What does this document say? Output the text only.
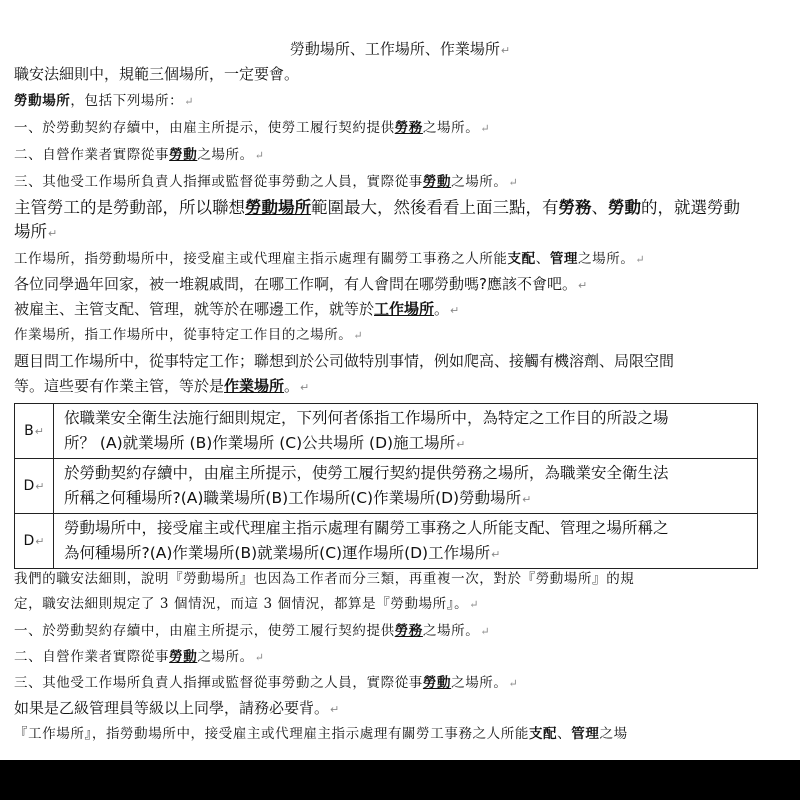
勞動場所、工作場所、作業場所↵
職安法細則中，規範三個場所，一定要會。
勞動場所，包括下列場所：↵
一、於勞動契約存續中，由雇主所提示，使勞工履行契約提供勞務之場所。↵
二、自營作業者實際從事勞動之場所。↵
三、其他受工作場所負責人指揮或監督從事勞動之人員，實際從事勞動之場所。↵
主管勞工的是勞動部，所以聯想勞動場所範圍最大，然後看看上面三點，有勞務、勞動的，就選勞動
場所↵
工作場所，指勞動場所中，接受雇主或代理雇主指示處理有關勞工事務之人所能支配、管理之場所。↵
各位同學過年回家，被一堆親戚問，在哪工作啊，有人會問在哪勞動嗎?應該不會吧。↵
被雇主、主管支配、管理，就等於在哪邊工作，就等於工作場所。↵
作業場所，指工作場所中，從事特定工作目的之場所。↵
題目問工作場所中，從事特定工作；聯想到於公司做特別事情，例如爬高、接觸有機溶劑、局限空間
等。這些要有作業主管，等於是作業場所。↵
B↵	依職業安全衛生法施行細則規定，下列何者係指工作場所中，為特定之工作目的所設之場
所？ (A)就業場所 (B)作業場所 (C)公共場所 (D)施工場所↵

D↵	於勞動契約存續中，由雇主所提示，使勞工履行契約提供勞務之場所，為職業安全衛生法
所稱之何種場所?(A)職業場所(B)工作場所(C)作業場所(D)勞動場所↵

D↵	勞動場所中，接受雇主或代理雇主指示處理有關勞工事務之人所能支配、管理之場所稱之
為何種場所?(A)作業場所(B)就業場所(C)運作場所(D)工作場所↵
我們的職安法細則，說明『勞動場所』也因為工作者而分三類，再重複一次，對於『勞動場所』的規
定，職安法細則規定了 3 個情況，而這 3 個情況，都算是『勞動場所』。↵
一、於勞動契約存續中，由雇主所提示，使勞工履行契約提供勞務之場所。↵
二、自營作業者實際從事勞動之場所。↵
三、其他受工作場所負責人指揮或監督從事勞動之人員，實際從事勞動之場所。↵
如果是乙級管理員等級以上同學，請務必要背。↵
『工作場所』，指勞動場所中，接受雇主或代理雇主指示處理有關勞工事務之人所能支配、管理之場
